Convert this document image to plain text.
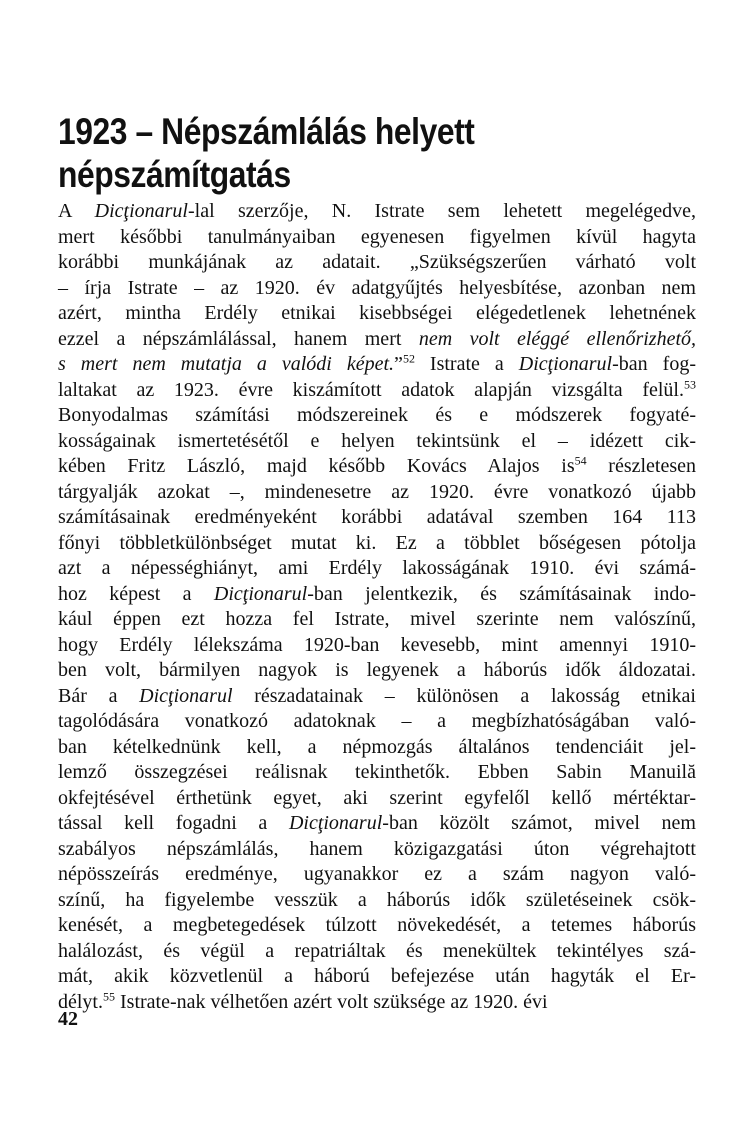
1923 – Népszámlálás helyett
népszámítgatás
A Dicţionarul-lal szerzője, N. Istrate sem lehetett megelégedve,
mert későbbi tanulmányaiban egyenesen figyelmen kívül hagyta
korábbi munkájának az adatait. „Szükségszerűen várható volt
– írja Istrate – az 1920. év adatgyűjtés helyesbítése, azonban nem
azért, mintha Erdély etnikai kisebbségei elégedetlenek lehetnének
ezzel a népszámlálással, hanem mert nem volt eléggé ellenőrizhető,
s mert nem mutatja a valódi képet.”$^{52}$ Istrate a Dicţionarul-ban fog-
laltakat az 1923. évre kiszámított adatok alapján vizsgálta felül.$^{53}$
Bonyodalmas számítási módszereinek és e módszerek fogyaté-
kosságainak ismertetésétől e helyen tekintsünk el – idézett cik-
kében Fritz László, majd később Kovács Alajos $is^{54}$ részletesen
tárgyalják azokat –, mindenesetre az 1920. évre vonatkozó újabb
számításainak eredményeként korábbi adatával szemben 164 113
főnyi többletkülönbséget mutat ki. Ez a többlet bőségesen pótolja
azt a népességhiányt, ami Erdély lakosságának 1910. évi számá-
hoz képest a Dicţionarul-ban jelentkezik, és számításainak indo-
kául éppen ezt hozza fel Istrate, mivel szerinte nem valószínű,
hogy Erdély lélekszáma 1920-ban kevesebb, mint amennyi 1910-
ben volt, bármilyen nagyok is legyenek a háborús idők áldozatai.
Bár a Dicţionarul részadatainak – különösen a lakosság etnikai
tagolódására vonatkozó adatoknak – a megbízhatóságában való-
ban kételkednünk kell, a népmozgás általános tendenciáit jel-
lemző összegzései reálisnak tekinthetők. Ebben Sabin Manuilă
okfejtésével érthetünk egyet, aki szerint egyfelől kellő mértéktar-
tással kell fogadni a Dicţionarul-ban közölt számot, mivel nem
szabályos népszámlálás, hanem közigazgatási úton végrehajtott
népösszeírás eredménye, ugyanakkor ez a szám nagyon való-
színű, ha figyelembe vesszük a háborús idők születéseinek csök-
kenését, a megbetegedések túlzott növekedését, a tetemes háborús
halálozást, és végül a repatriáltak és menekültek tekintélyes szá-
mát, akik közvetlenül a háború befejezése után hagyták el Er-
délyt.$^{55}$ Istrate-nak vélhetően azért volt szüksége az 1920. évi
42
